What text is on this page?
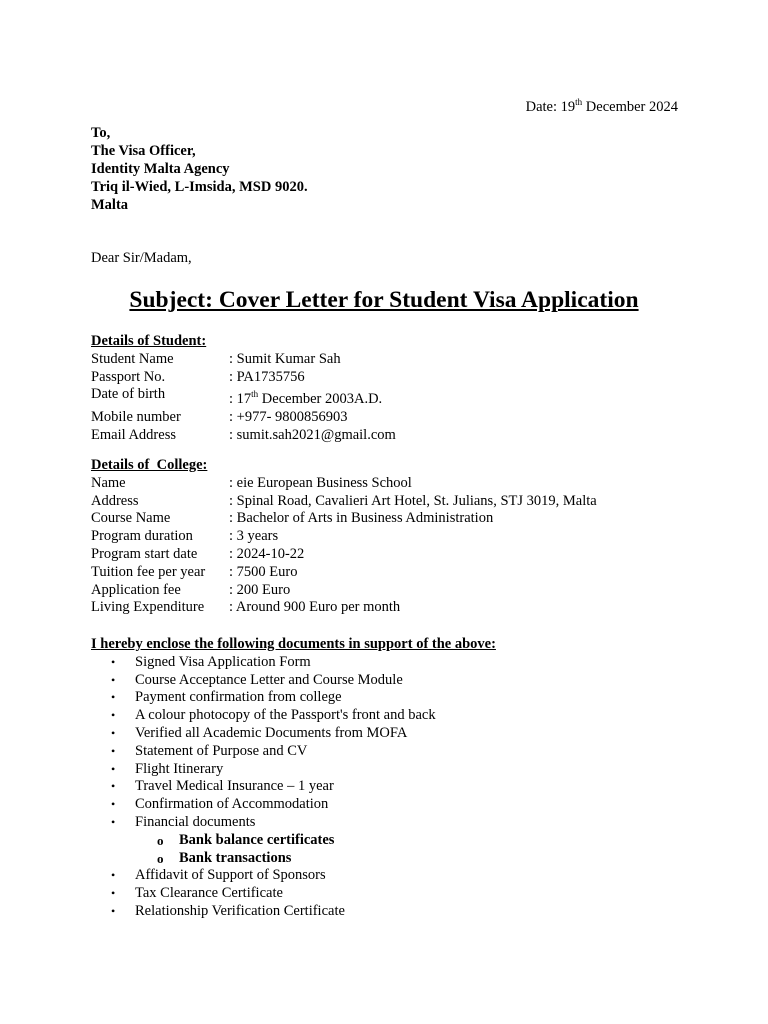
Date: 19th December 2024
To,
The Visa Officer,
Identity Malta Agency
Triq il-Wied, L-Imsida, MSD 9020.
Malta
Dear Sir/Madam,
Subject: Cover Letter for Student Visa Application
Details of Student:
Student Name	: Sumit Kumar Sah
Passport No.	: PA1735756
Date of birth	: 17th December 2003A.D.
Mobile number	: +977- 9800856903
Email Address	: sumit.sah2021@gmail.com
Details of  College:
Name	: eie European Business School
Address	: Spinal Road, Cavalieri Art Hotel, St. Julians, STJ 3019, Malta
Course Name	: Bachelor of Arts in Business Administration
Program duration	: 3 years
Program start date	: 2024-10-22
Tuition fee per year	: 7500 Euro
Application fee	: 200 Euro
Living Expenditure	: Around 900 Euro per month
I hereby enclose the following documents in support of the above:
• Signed Visa Application Form
• Course Acceptance Letter and Course Module
• Payment confirmation from college
• A colour photocopy of the Passport's front and back
• Verified all Academic Documents from MOFA
• Statement of Purpose and CV
• Flight Itinerary
• Travel Medical Insurance – 1 year
• Confirmation of Accommodation
• Financial documents
o Bank balance certificates
o Bank transactions
• Affidavit of Support of Sponsors
• Tax Clearance Certificate
• Relationship Verification Certificate
